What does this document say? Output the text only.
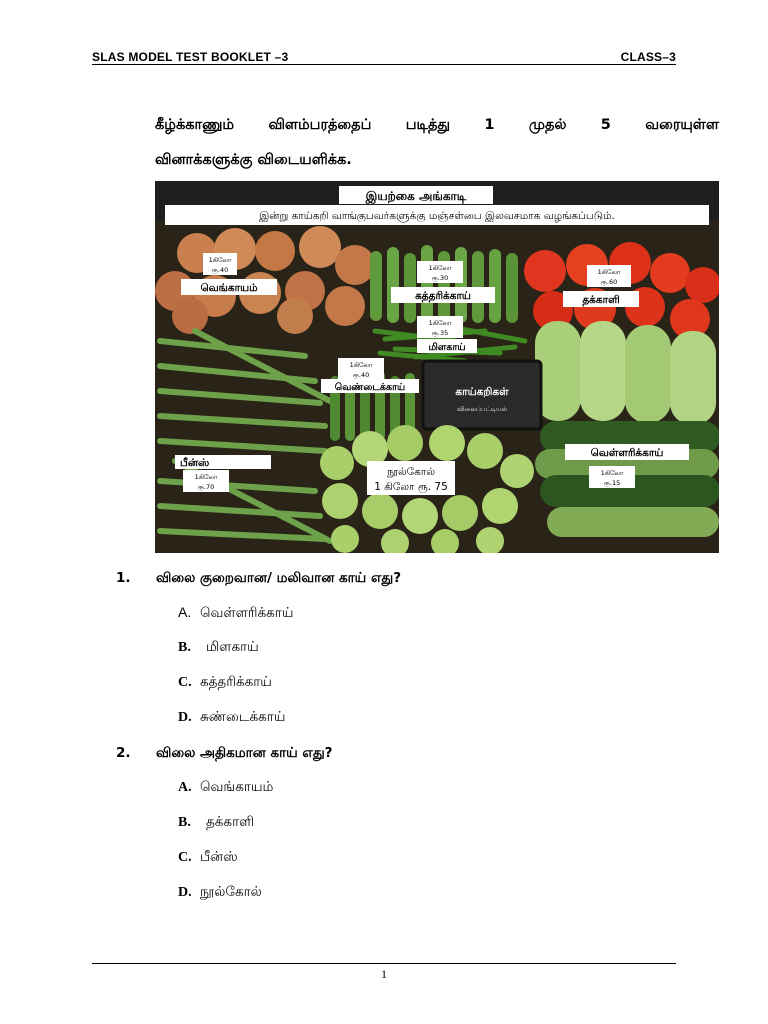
SLAS MODEL TEST BOOKLET –3	CLASS–3
கீழ்க்காணும் விளம்பரத்தைப் படித்து 1 முதல் 5 வரையுள்ள
வினாக்களுக்கு விடையளிக்க.
இயற்கை அங்காடி
இன்று காய்கறி வாங்குபவர்களுக்கு மஞ்சள்பை இலவசமாக வழங்கப்படும்.
1கிலோ
ரூ.40
வெங்காயம்
1கிலோ
ரூ.30
கத்தரிக்காய்
1கிலோ
ரூ.60
தக்காளி
1கிலோ
ரூ.35
மிளகாய்
1கிலோ
ரூ.40
வெண்டைக்காய்	காய்கறிகள்
விலைப்பட்டியல்
பீன்ஸ்
1கிலோ
ரூ.70
நூல்கோல்
1 கிலோ ரூ. 75
வெள்ளரிக்காய்
1கிலோ
ரூ.15
1. விலை குறைவான/ மலிவான காய் எது?
A. வெள்ளரிக்காய்
B. மிளகாய்
C. கத்தரிக்காய்
D. சுண்டைக்காய்
2. விலை அதிகமான காய் எது?
A. வெங்காயம்
B. தக்காளி
C. பீன்ஸ்
D. நூல்கோல்
1
